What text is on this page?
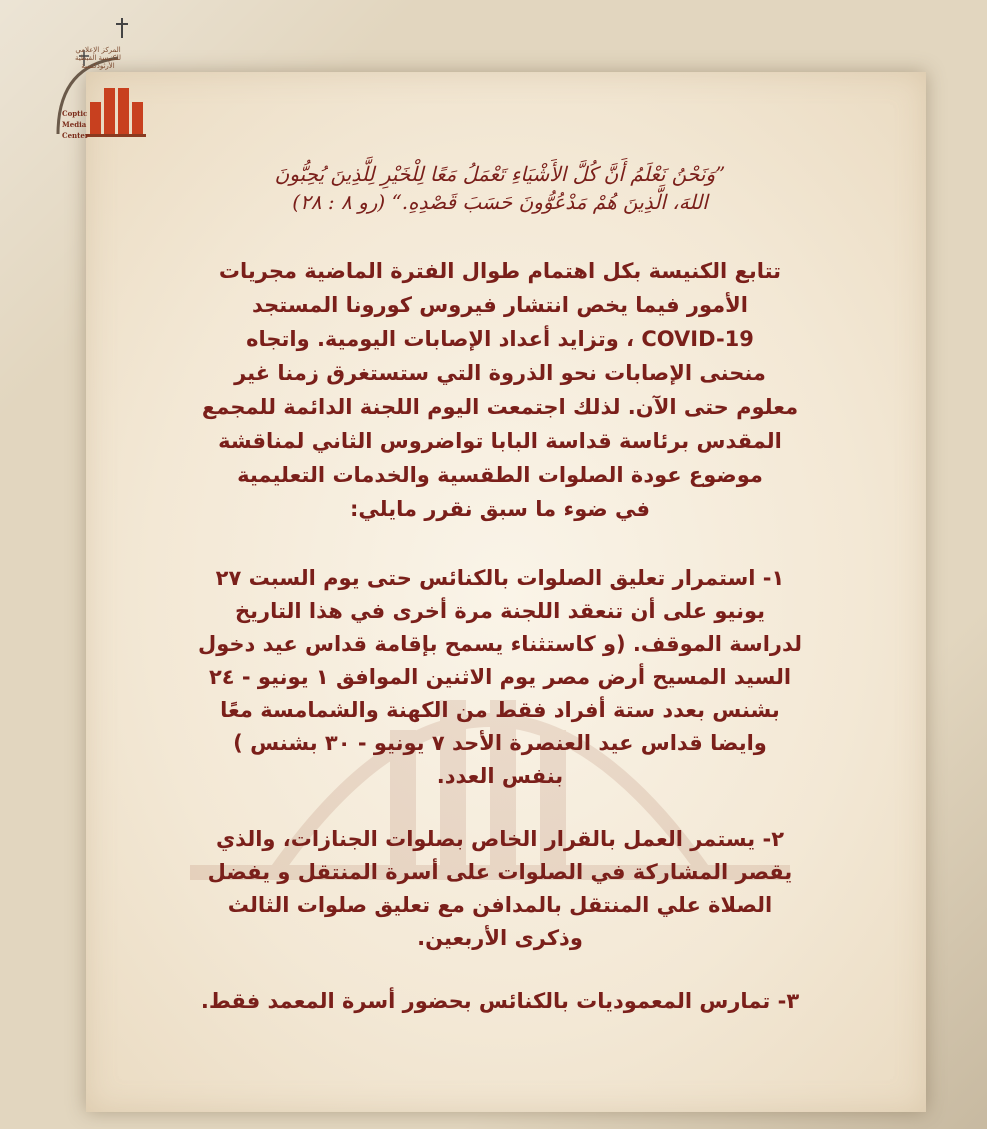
المركز الإعلامي للكنيسة القبطية الأرثوذكسية
Coptic
Media
Center
”وَنَحْنُ نَعْلَمُ أَنَّ كُلَّ الأَشْيَاءِ تَعْمَلُ مَعًا لِلْخَيْرِ لِلَّذِينَ يُحِبُّونَ
اللهَ، الَّذِينَ هُمْ مَدْعُوُّونَ حَسَبَ قَصْدِهِ.“ (رو ٨ : ٢٨)
تتابع الكنيسة بكل اهتمام طوال الفترة الماضية مجريات
الأمور فيما يخص انتشار فيروس كورونا المستجد
COVID-19 ، وتزايد أعداد الإصابات اليومية. واتجاه
منحنى الإصابات نحو الذروة التي ستستغرق زمنا غير
معلوم حتى الآن. لذلك اجتمعت اليوم اللجنة الدائمة للمجمع
المقدس برئاسة قداسة البابا تواضروس الثاني لمناقشة
موضوع عودة الصلوات الطقسية والخدمات التعليمية
في ضوء ما سبق نقرر مايلي:
١- استمرار تعليق الصلوات بالكنائس حتى يوم السبت ٢٧
يونيو على أن تنعقد اللجنة مرة أخرى في هذا التاريخ
لدراسة الموقف. (و كاستثناء يسمح بإقامة قداس عيد دخول
السيد المسيح أرض مصر يوم الاثنين الموافق ١ يونيو - ٢٤
بشنس بعدد ستة أفراد فقط من الكهنة والشمامسة معًا
وايضا قداس عيد العنصرة الأحد ٧ يونيو - ٣٠ بشنس )
بنفس العدد.
٢- يستمر العمل بالقرار الخاص بصلوات الجنازات، والذي
يقصر المشاركة في الصلوات على أسرة المنتقل و يفضل
الصلاة علي المنتقل بالمدافن مع تعليق صلوات الثالث
وذكرى الأربعين.
٣- تمارس المعموديات بالكنائس بحضور أسرة المعمد فقط.
